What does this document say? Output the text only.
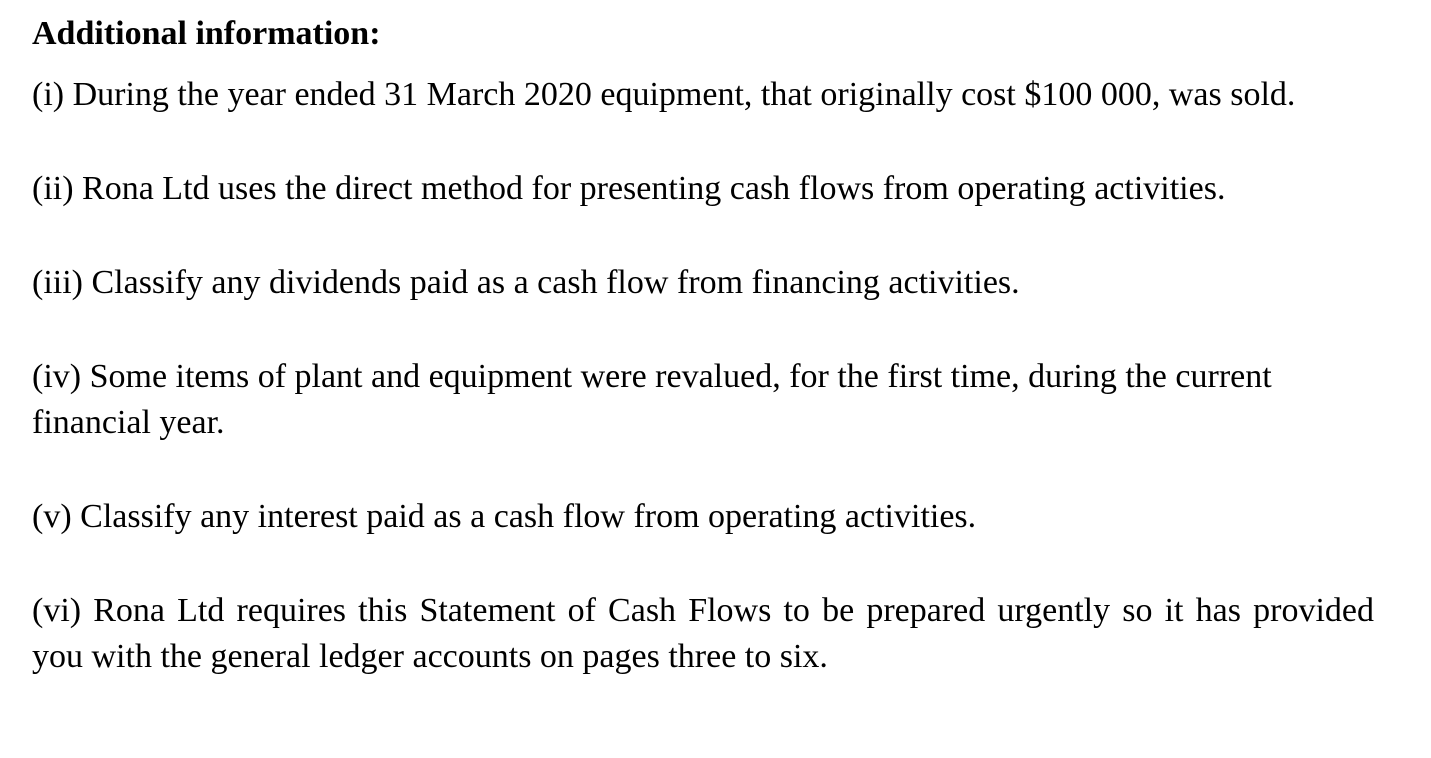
Additional information:
(i) During the year ended 31 March 2020 equipment, that originally cost $100 000, was sold.
(ii) Rona Ltd uses the direct method for presenting cash flows from operating activities.
(iii) Classify any dividends paid as a cash flow from financing activities.
(iv) Some items of plant and equipment were revalued, for the first time, during the current financial year.
(v) Classify any interest paid as a cash flow from operating activities.
(vi) Rona Ltd requires this Statement of Cash Flows to be prepared urgently so it has provided you with the general ledger accounts on pages three to six.
